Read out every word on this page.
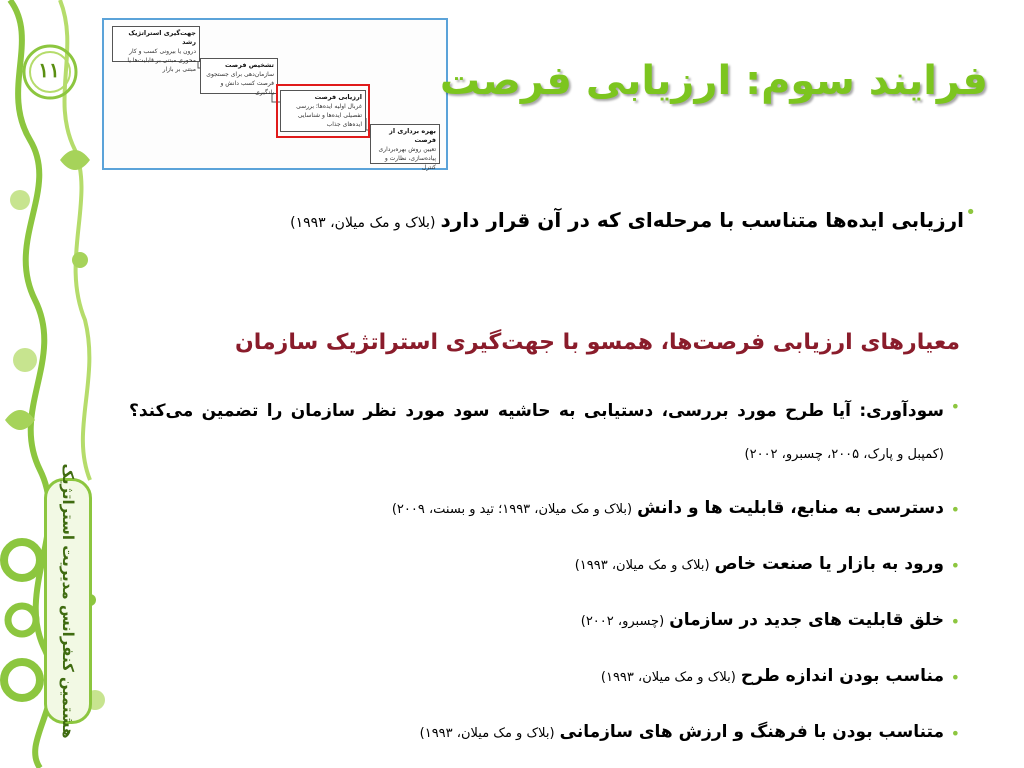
۱۱
هشتمین کنفرانس مدیریت استراتژیک
جهت‌گیری استراتژیک رشد
درون یا بیرونی کسب و کار محوری مبتنی بر قابلیت‌ها یا مبتنی بر بازار
تشخیص فرصت
سازمان‌دهی برای جستجوی فرصت کسب دانش و یادگیری
ارزیابی فرصت
غربال اولیه ایده‌ها؛ بررسی تفصیلی ایده‌ها و شناسایی ایده‌های جذاب
بهره برداری از فرصت
تعیین روش بهره‌برداری پیاده‌سازی، نظارت و کنترل
فرایند سوم: ارزیابی فرصت
•
ارزیابی ایده‌ها متناسب با مرحله‌ای که در آن قرار دارد (بلاک و مک میلان، ۱۹۹۳)
معیارهای ارزیابی فرصت‌ها، همسو با جهت‌گیری استراتژیک سازمان
•
سودآوری: آیا طرح مورد بررسی، دستیابی به حاشیه سود مورد نظر سازمان را تضمین می‌کند؟ (کمپبل و پارک، ۲۰۰۵، چسبرو، ۲۰۰۲)
•
دسترسی به منابع، قابلیت ها و دانش (بلاک و مک میلان، ۱۹۹۳؛ تید و بسنت، ۲۰۰۹)
•
ورود به بازار یا صنعت خاص (بلاک و مک میلان، ۱۹۹۳)
•
خلق قابلیت های جدید در سازمان (چسبرو، ۲۰۰۲)
•
مناسب بودن اندازه طرح (بلاک و مک میلان، ۱۹۹۳)
•
متناسب بودن با فرهنگ و ارزش های سازمانی (بلاک و مک میلان، ۱۹۹۳)
